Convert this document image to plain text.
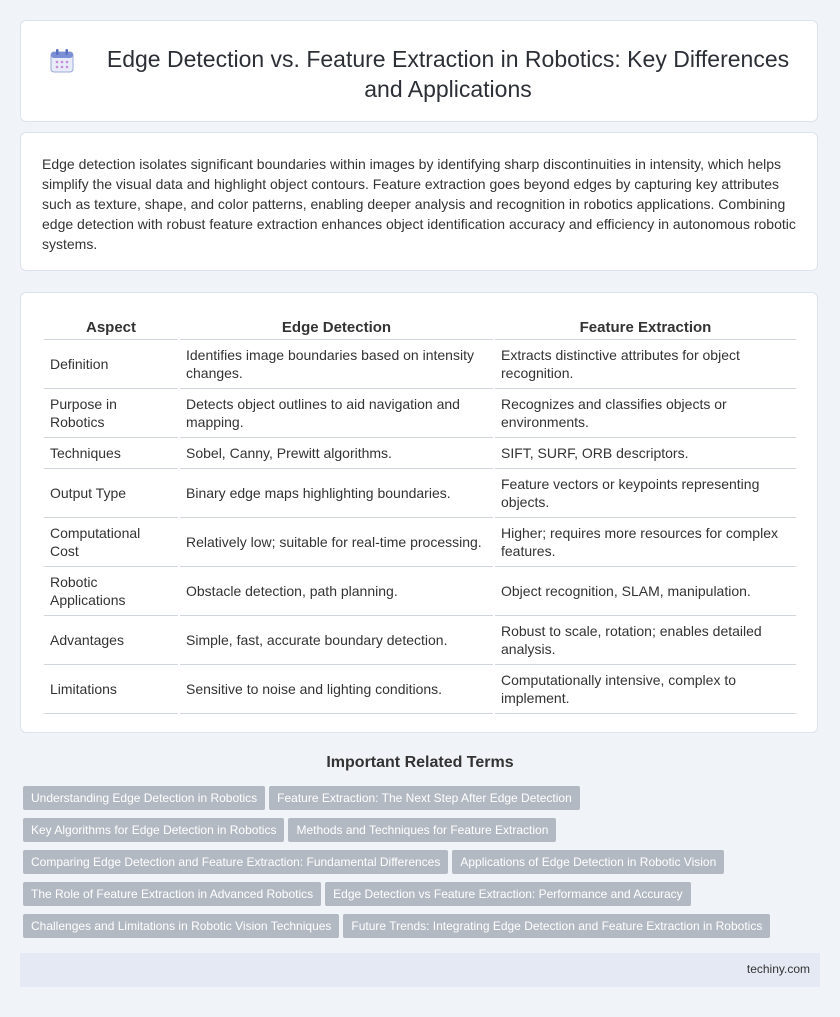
Edge Detection vs. Feature Extraction in Robotics: Key Differences and Applications

Edge detection isolates significant boundaries within images by identifying sharp discontinuities in intensity, which helps simplify the visual data and highlight object contours. Feature extraction goes beyond edges by capturing key attributes such as texture, shape, and color patterns, enabling deeper analysis and recognition in robotics applications. Combining edge detection with robust feature extraction enhances object identification accuracy and efficiency in autonomous robotic systems.

Aspect	Edge Detection	Feature Extraction
Definition	Identifies image boundaries based on intensity changes.	Extracts distinctive attributes for object recognition.
Purpose in Robotics	Detects object outlines to aid navigation and mapping.	Recognizes and classifies objects or environments.
Techniques	Sobel, Canny, Prewitt algorithms.	SIFT, SURF, ORB descriptors.
Output Type	Binary edge maps highlighting boundaries.	Feature vectors or keypoints representing objects.
Computational Cost	Relatively low; suitable for real-time processing.	Higher; requires more resources for complex features.
Robotic Applications	Obstacle detection, path planning.	Object recognition, SLAM, manipulation.
Advantages	Simple, fast, accurate boundary detection.	Robust to scale, rotation; enables detailed analysis.
Limitations	Sensitive to noise and lighting conditions.	Computationally intensive, complex to implement.
Important Related Terms
Understanding Edge Detection in Robotics Feature Extraction: The Next Step After Edge Detection
Key Algorithms for Edge Detection in Robotics Methods and Techniques for Feature Extraction
Comparing Edge Detection and Feature Extraction: Fundamental Differences Applications of Edge Detection in Robotic Vision
The Role of Feature Extraction in Advanced Robotics Edge Detection vs Feature Extraction: Performance and Accuracy
Challenges and Limitations in Robotic Vision Techniques Future Trends: Integrating Edge Detection and Feature Extraction in Robotics
techiny.com
